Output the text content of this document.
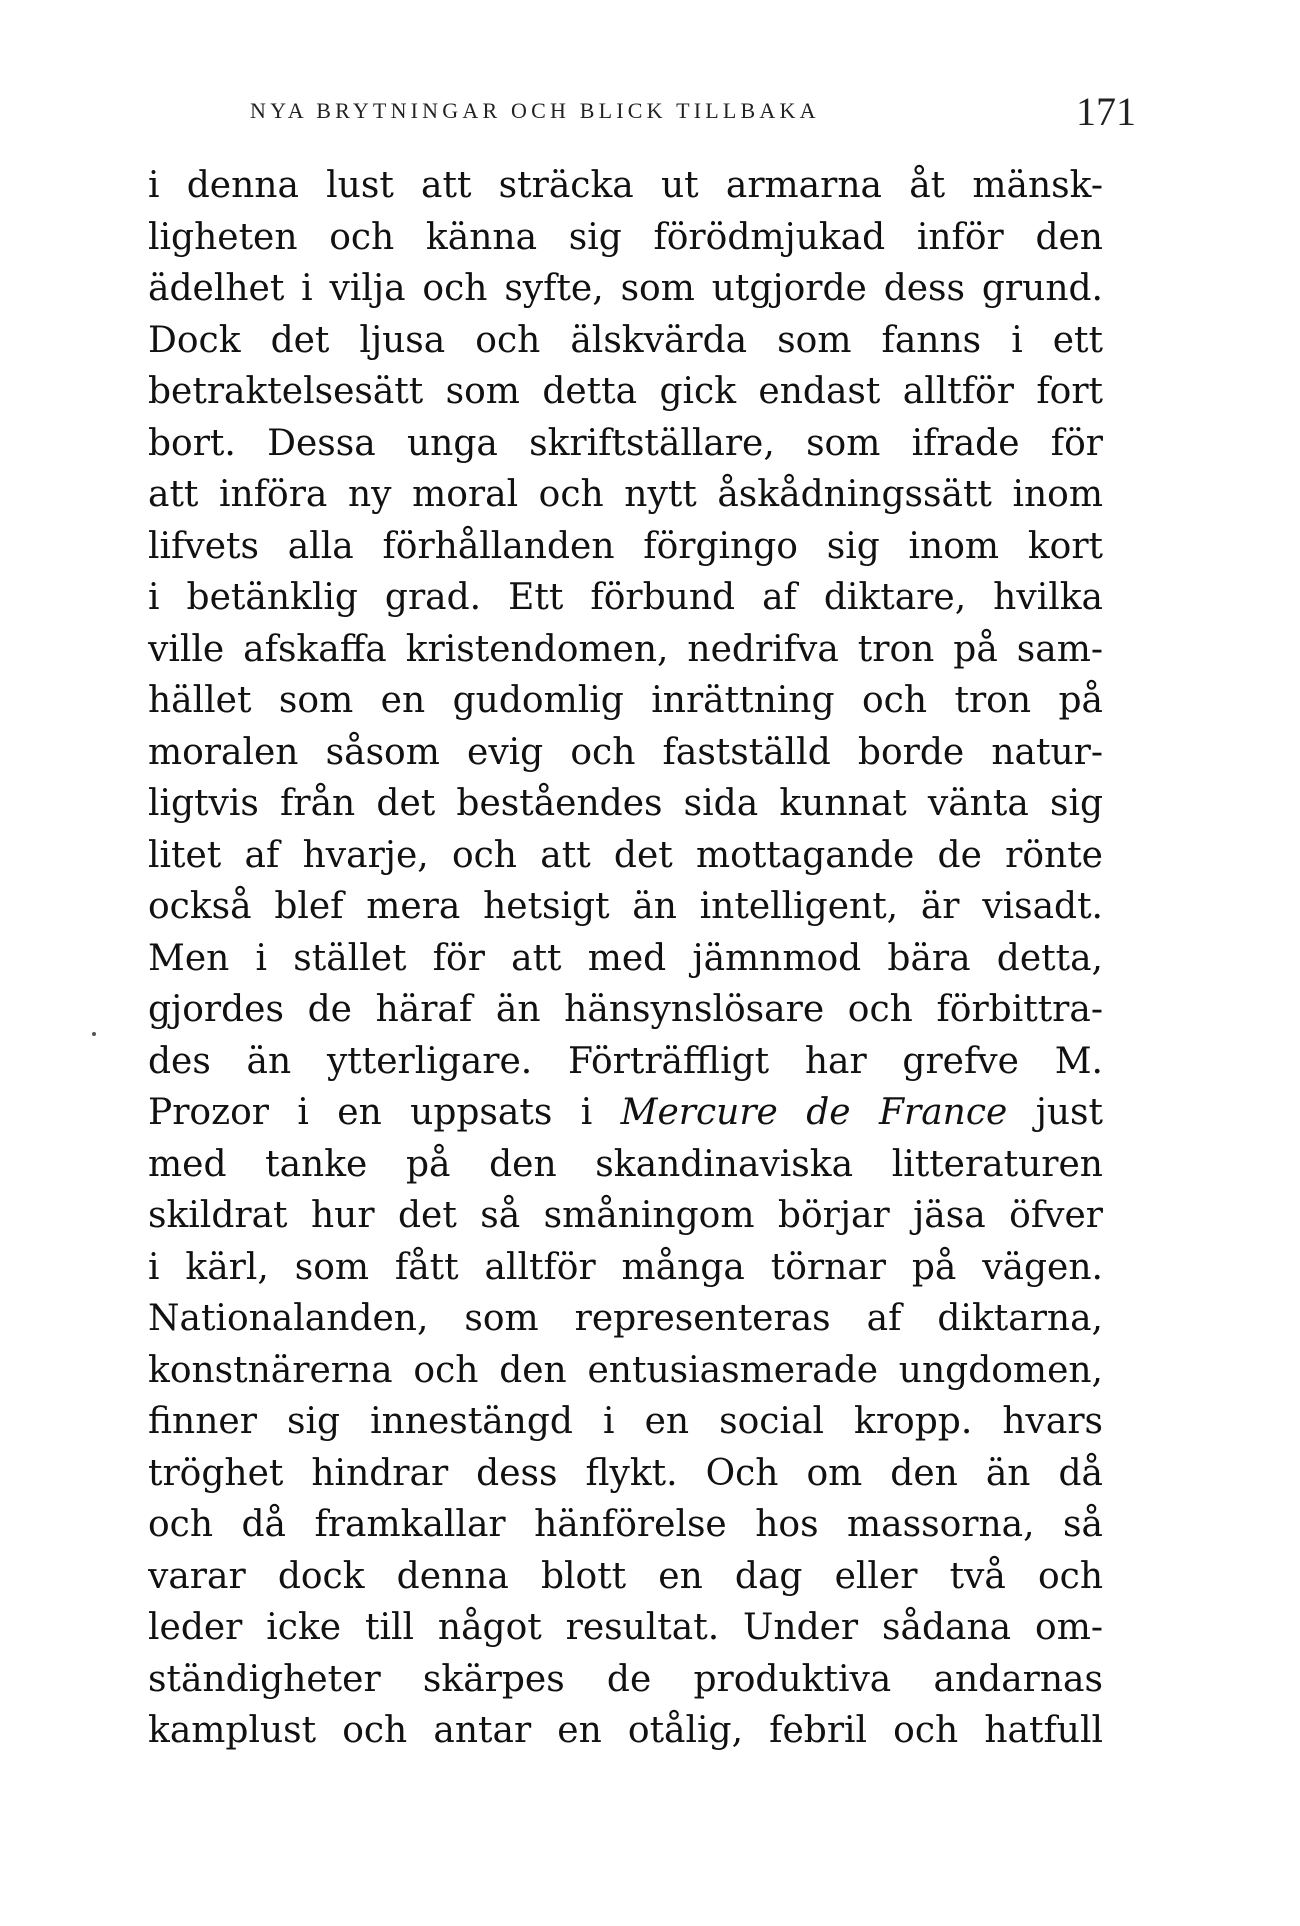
NYA BRYTNINGAR OCH BLICK TILLBAKA	171
i denna lust att sträcka ut armarna åt mänsk-
ligheten och känna sig förödmjukad inför den
ädelhet i vilja och syfte, som utgjorde dess grund.
Dock det ljusa och älskvärda som fanns i ett
betraktelsesätt som detta gick endast alltför fort
bort. Dessa unga skriftställare, som ifrade för
att införa ny moral och nytt åskådningssätt inom
lifvets alla förhållanden förgingo sig inom kort
i betänklig grad. Ett förbund af diktare, hvilka
ville afskaffa kristendomen, nedrifva tron på sam-
hället som en gudomlig inrättning och tron på
moralen såsom evig och fastställd borde natur-
ligtvis från det beståendes sida kunnat vänta sig
litet af hvarje, och att det mottagande de rönte
också blef mera hetsigt än intelligent, är visadt.
Men i stället för att med jämnmod bära detta,
gjordes de häraf än hänsynslösare och förbittra-
des än ytterligare. Förträffligt har grefve M.
Prozor i en uppsats i Mercure de France just
med tanke på den skandinaviska litteraturen
skildrat hur det så småningom börjar jäsa öfver
i kärl, som fått alltför många törnar på vägen.
Nationalanden, som representeras af diktarna,
konstnärerna och den entusiasmerade ungdomen,
finner sig innestängd i en social kropp. hvars
tröghet hindrar dess flykt. Och om den än då
och då framkallar hänförelse hos massorna, så
varar dock denna blott en dag eller två och
leder icke till något resultat. Under sådana om-
ständigheter skärpes de produktiva andarnas
kamplust och antar en otålig, febril och hatfull
